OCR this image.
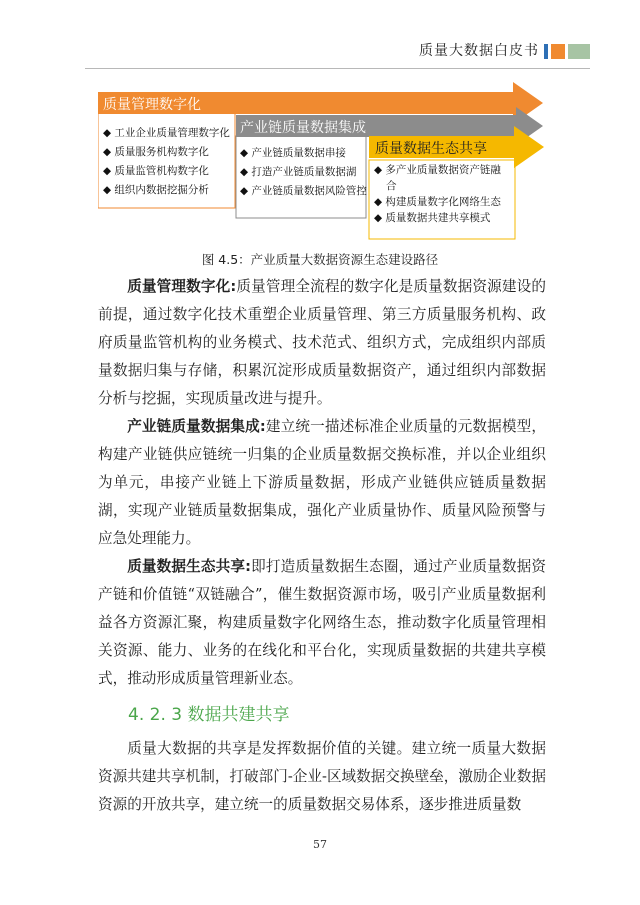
质量大数据白皮书
质量管理数字化
产业链质量数据集成
质量数据生态共享
◆ 工业企业质量管理数字化
◆ 质量服务机构数字化
◆ 质量监管机构数字化
◆ 组织内数据挖掘分析
◆ 产业链质量数据串接
◆ 打造产业链质量数据湖
◆ 产业链质量数据风险管控
◆ 多产业质量数据资产链融
合
◆ 构建质量数字化网络生态
◆ 质量数据共建共享模式
图 4.5：产业质量大数据资源生态建设路径

质量管理数字化:质量管理全流程的数字化是质量数据资源建设的前提，通过数字化技术重塑企业质量管理、第三方质量服务机构、政府质量监管机构的业务模式、技术范式、组织方式，完成组织内部质量数据归集与存储，积累沉淀形成质量数据资产，通过组织内部数据分析与挖掘，实现质量改进与提升。

产业链质量数据集成:建立统一描述标准企业质量的元数据模型，构建产业链供应链统一归集的企业质量数据交换标准，并以企业组织为单元，串接产业链上下游质量数据，形成产业链供应链质量数据湖，实现产业链质量数据集成，强化产业质量协作、质量风险预警与应急处理能力。

质量数据生态共享:即打造质量数据生态圈，通过产业质量数据资产链和价值链“双链融合”，催生数据资源市场，吸引产业质量数据利益各方资源汇聚，构建质量数字化网络生态，推动数字化质量管理相关资源、能力、业务的在线化和平台化，实现质量数据的共建共享模式，推动形成质量管理新业态。

4. 2. 3 数据共建共享

质量大数据的共享是发挥数据价值的关键。建立统一质量大数据资源共建共享机制，打破部门-企业-区域数据交换壁垒，激励企业数据资源的开放共享，建立统一的质量数据交易体系，逐步推进质量数

57
